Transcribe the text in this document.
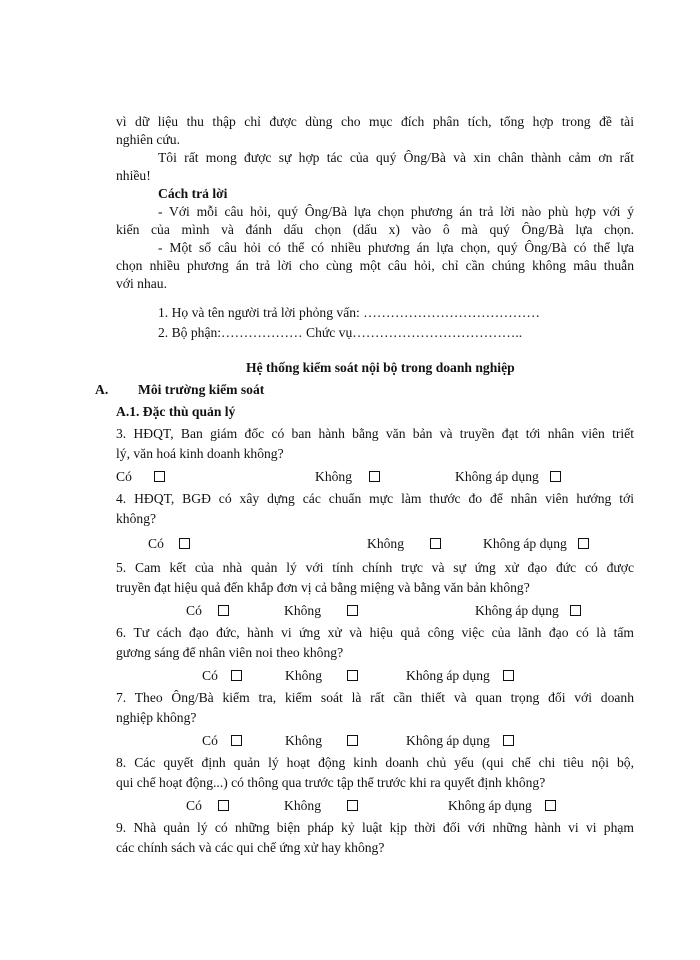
vì dữ liệu thu thập chỉ được dùng cho mục đích phân tích, tổng hợp trong đề tài
nghiên cứu.
Tôi rất mong được sự hợp tác của quý Ông/Bà và xin chân thành cảm ơn rất
nhiều!
Cách trả lời
- Với mỗi câu hỏi, quý Ông/Bà lựa chọn phương án trả lời nào phù hợp với ý
kiến của mình và đánh dấu chọn (dấu x) vào ô mà quý Ông/Bà lựa chọn.
- Một số câu hỏi có thể có nhiều phương án lựa chọn, quý Ông/Bà có thể lựa
chọn nhiều phương án trả lời cho cùng một câu hỏi, chỉ cần chúng không mâu thuẫn
với nhau.
1. Họ và tên người trả lời phỏng vấn: …………………………………
2. Bộ phận:……………… Chức vụ………………………………..
Hệ thống kiểm soát nội bộ trong doanh nghiệp
A. Môi trường kiểm soát
A.1. Đặc thù quản lý
3. HĐQT, Ban giám đốc có ban hành bằng văn bản và truyền đạt tới nhân viên triết
lý, văn hoá kinh doanh không?
Có	Không	Không áp dụng
4. HĐQT, BGĐ có xây dựng các chuẩn mực làm thước đo để nhân viên hướng tới
không?
Có	Không	Không áp dụng
5. Cam kết của nhà quản lý với tính chính trực và sự ứng xử đạo đức có được
truyền đạt hiệu quả đến khắp đơn vị cả bằng miệng và bằng văn bản không?
Có	Không	Không áp dụng
6. Tư cách đạo đức, hành vi ứng xử và hiệu quả công việc của lãnh đạo có là tấm
gương sáng để nhân viên noi theo không?
Có	Không	Không áp dụng
7. Theo Ông/Bà kiểm tra, kiểm soát là rất cần thiết và quan trọng đối với doanh
nghiệp không?
Có	Không	Không áp dụng
8. Các quyết định quản lý hoạt động kinh doanh chủ yếu (qui chế chi tiêu nội bộ,
qui chế hoạt động...) có thông qua trước tập thể trước khi ra quyết định không?
Có	Không	Không áp dụng
9. Nhà quản lý có những biện pháp kỷ luật kịp thời đối với những hành vi vi phạm
các chính sách và các qui chế ứng xử hay không?
